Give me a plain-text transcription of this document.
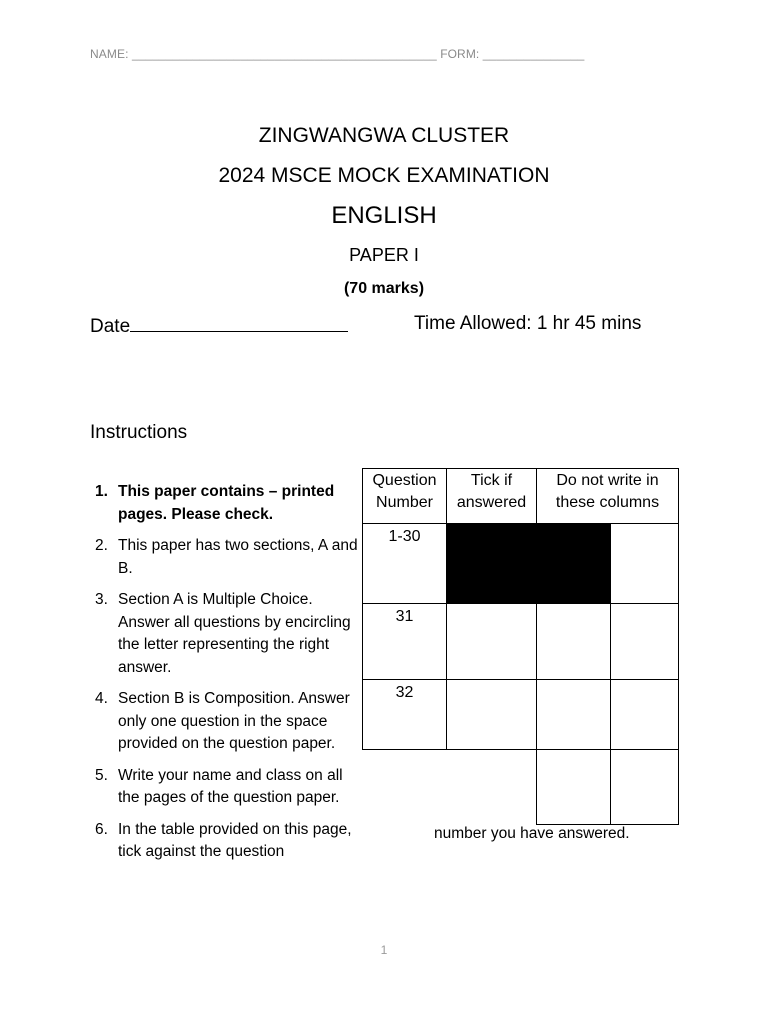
NAME: _____________________________________________ FORM: _______________
ZINGWANGWA CLUSTER
2024 MSCE MOCK EXAMINATION
ENGLISH
PAPER I
(70 marks)
Date	Time Allowed: 1 hr 45 mins
Instructions
1. This paper contains – printed pages. Please check.
2. This paper has two sections, A and B.
3. Section A is Multiple Choice. Answer all questions by encircling the letter representing the right answer.
4. Section B is Composition. Answer only one question in the space provided on the question paper.
5. Write your name and class on all the pages of the question paper.
6. In the table provided on this page, tick against the question
Question Number	Tick if answered	Do not write in these columns	
1-30			
31			
32			

number you have answered.
1
